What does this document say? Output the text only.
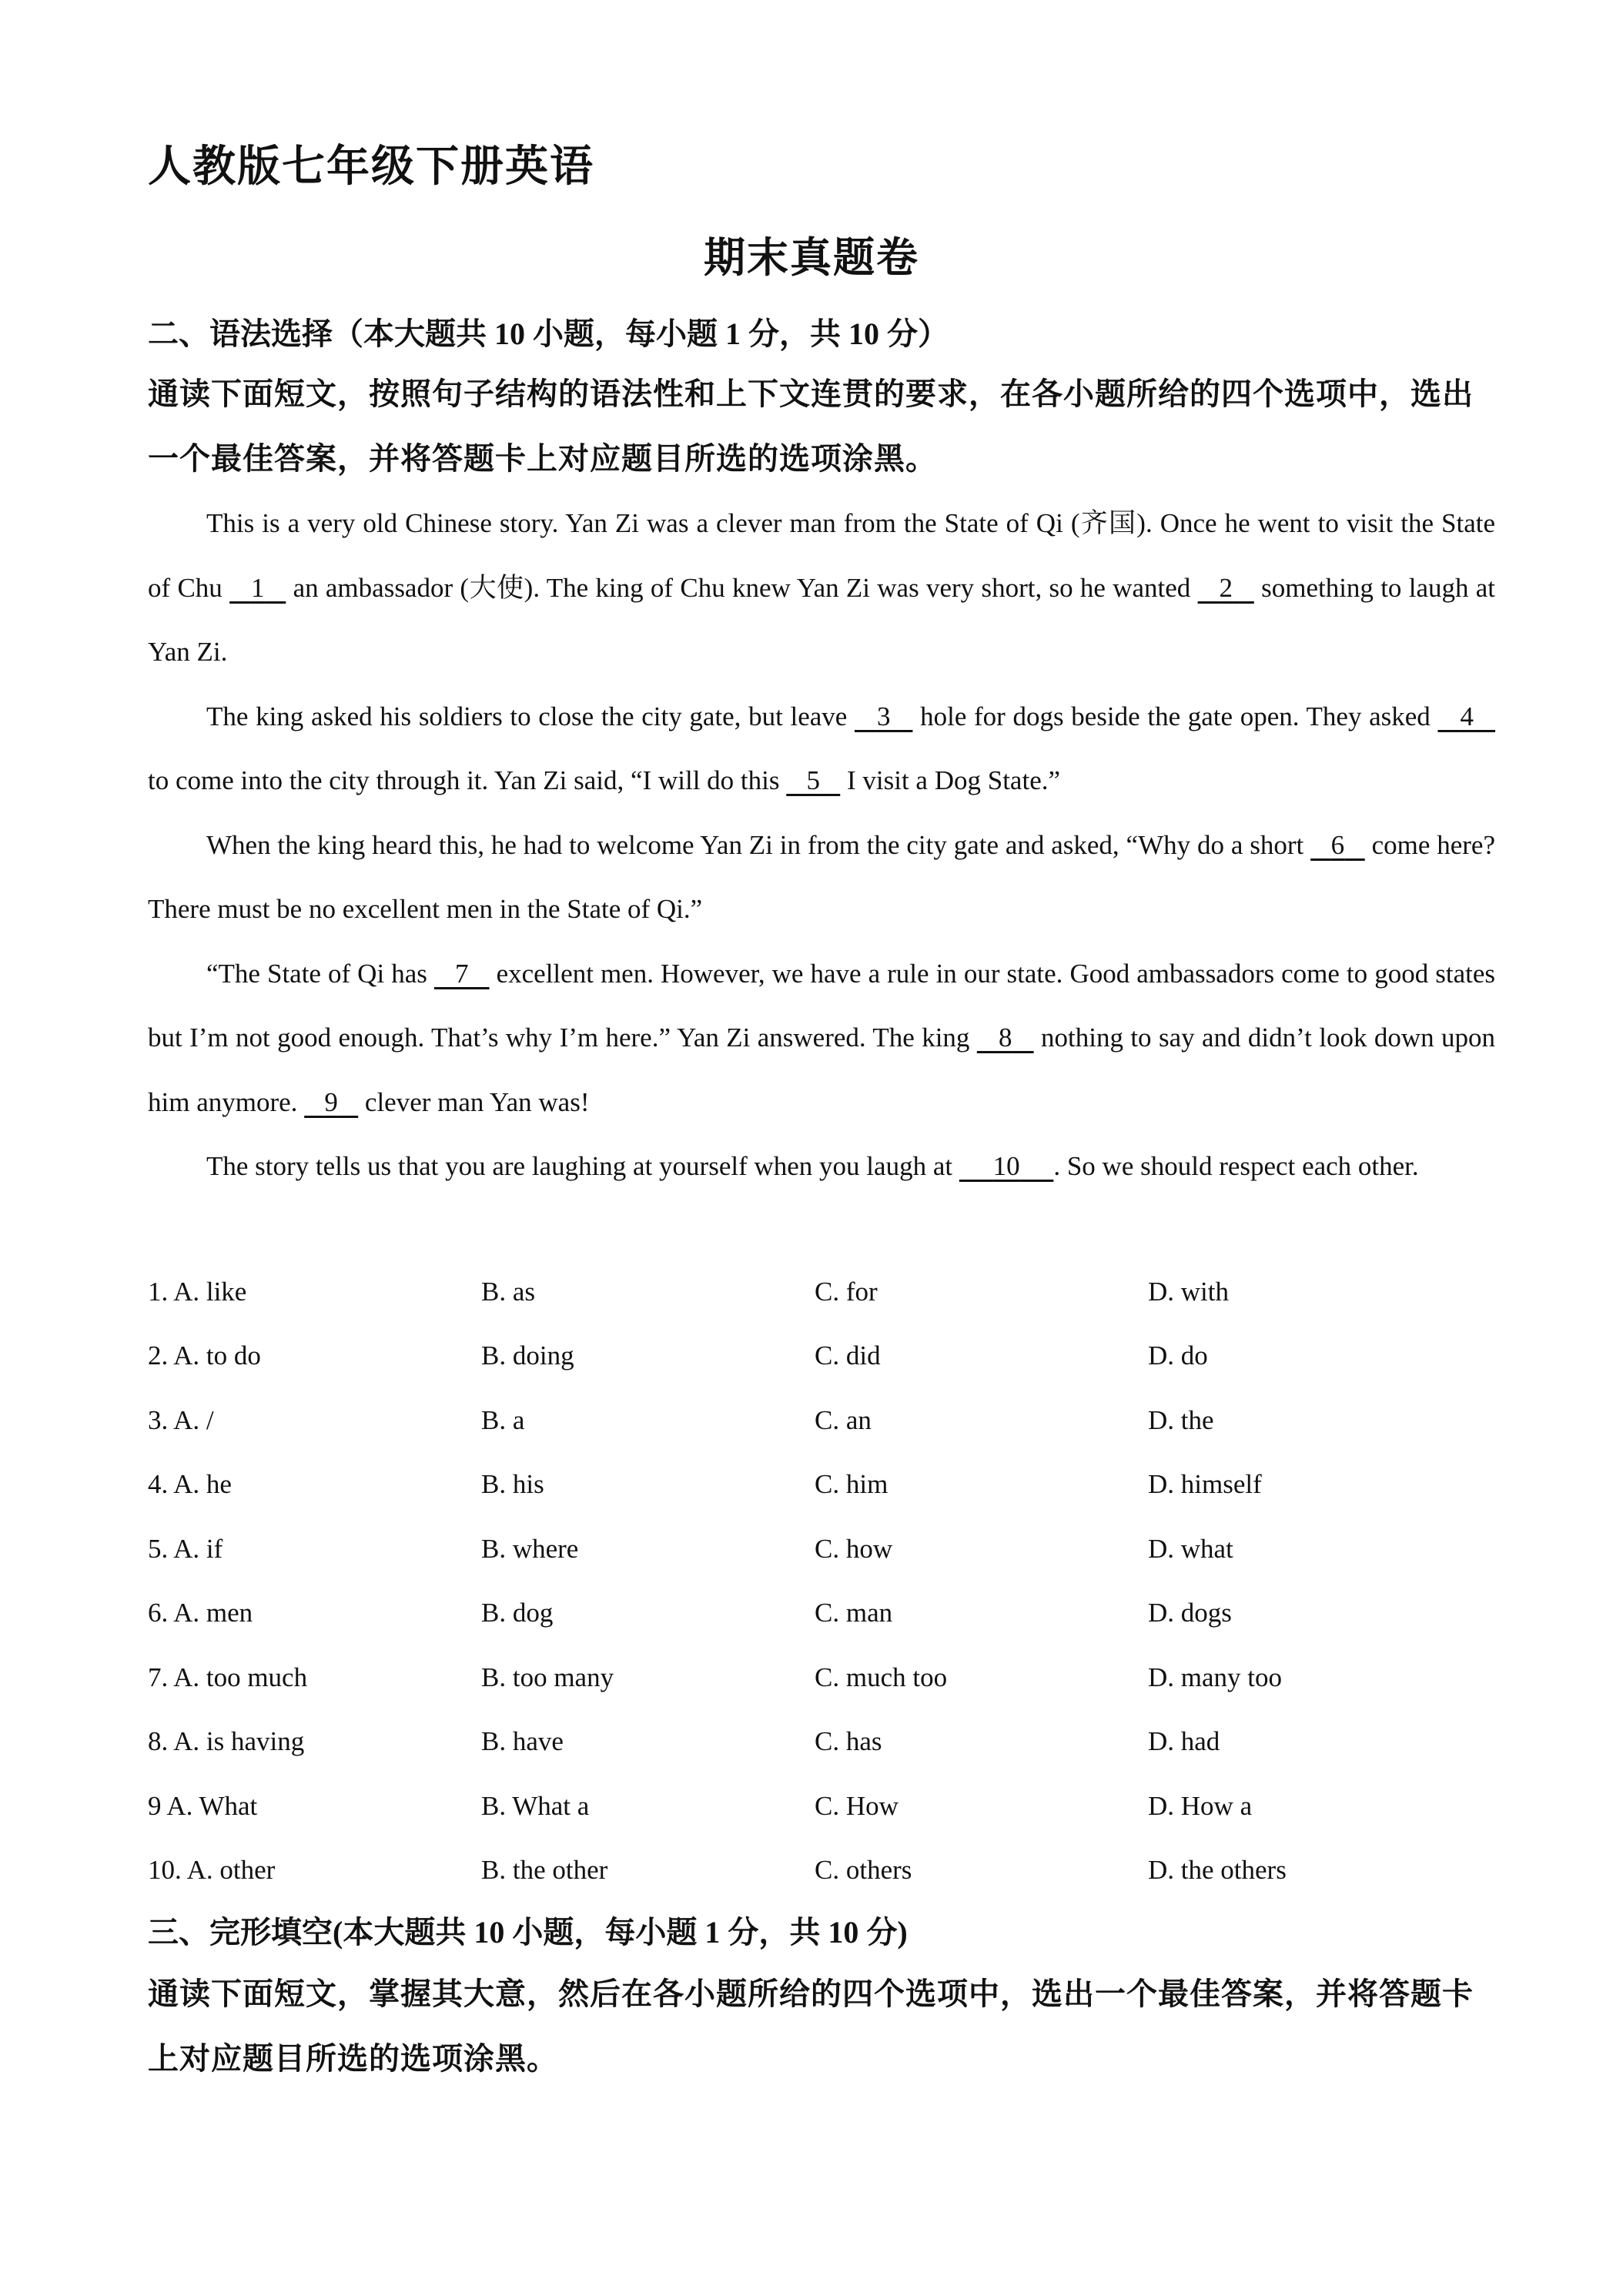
人教版七年级下册英语
期末真题卷
二、语法选择（本大题共 10 小题，每小题 1 分，共 10 分）

通读下面短文，按照句子结构的语法性和上下文连贯的要求，在各小题所给的四个选项中，选出一个最佳答案，并将答题卡上对应题目所选的选项涂黑。

This is a very old Chinese story. Yan Zi was a clever man from the State of Qi (齐国). Once he went to visit the State of Chu    1    an ambassador (大使). The king of Chu knew Yan Zi was very short, so he wanted    2    something to laugh at Yan Zi.

The king asked his soldiers to close the city gate, but leave    3    hole for dogs beside the gate open. They asked    4    to come into the city through it. Yan Zi said, “I will do this    5    I visit a Dog State.”

When the king heard this, he had to welcome Yan Zi in from the city gate and asked, “Why do a short    6    come here? There must be no excellent men in the State of Qi.”

“The State of Qi has    7    excellent men. However, we have a rule in our state. Good ambassadors come to good states but I’m not good enough. That’s why I’m here.” Yan Zi answered. The king    8    nothing to say and didn’t look down upon him anymore.    9    clever man Yan was!

The story tells us that you are laughing at yourself when you laugh at      10 . So we should respect each other.

1. A. like	B. as	C. for	D. with
2. A. to do	B. doing	C. did	D. do
3. A. /	B. a	C. an	D. the
4. A. he	B. his	C. him	D. himself
5. A. if	B. where	C. how	D. what
6. A. men	B. dog	C. man	D. dogs
7. A. too much	B. too many	C. much too	D. many too
8. A. is having	B. have	C. has	D. had
9 A. What	B. What a	C. How	D. How a
10. A. other	B. the other	C. others	D. the others
三、完形填空(本大题共 10 小题，每小题 1 分，共 10 分)

通读下面短文，掌握其大意，然后在各小题所给的四个选项中，选出一个最佳答案，并将答题卡上对应题目所选的选项涂黑。
